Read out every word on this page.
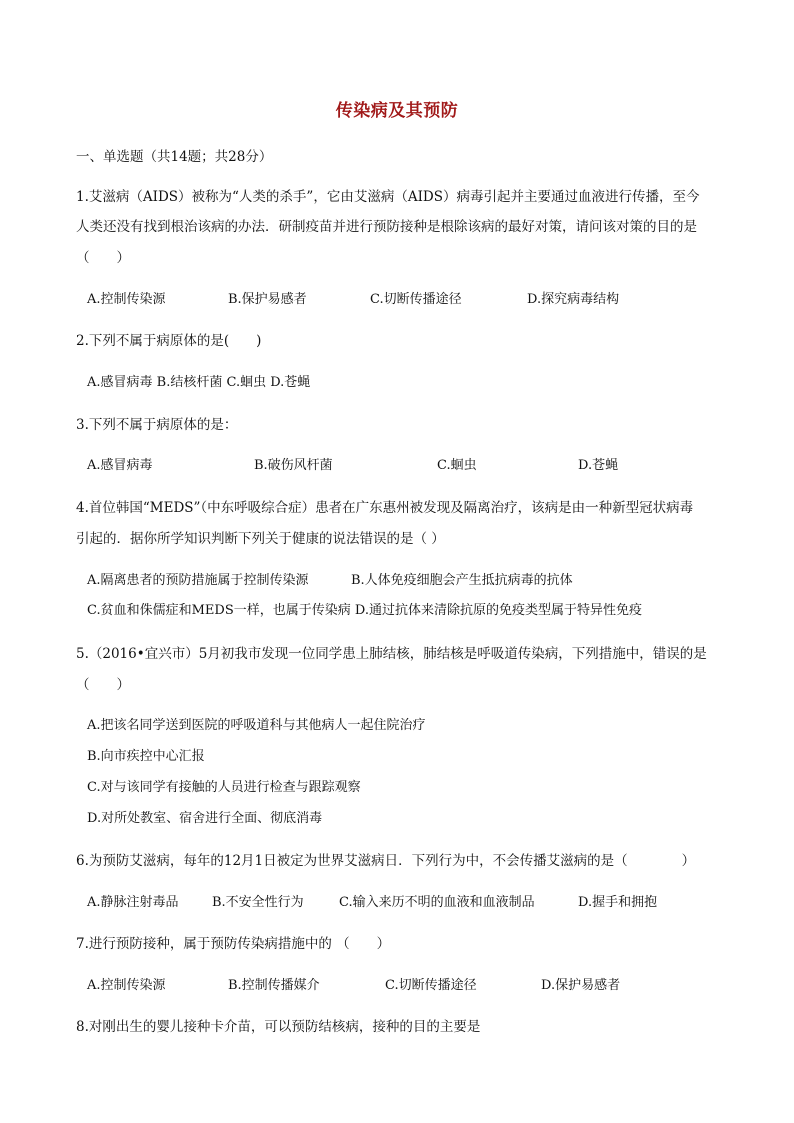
传染病及其预防
一、单选题（共14题；共28分）
1.艾滋病（AIDS）被称为“人类的杀手”，它由艾滋病（AIDS）病毒引起并主要通过血液进行传播，至今
人类还没有找到根治该病的办法．研制疫苗并进行预防接种是根除该病的最好对策，请问该对策的目的是
（　　）
A.控制传染源	B.保护易感者	C.切断传播途径	D.探究病毒结构
2.下列不属于病原体的是(　　)
A.感冒病毒 B.结核杆菌 C.蛔虫 D.苍蝇
3.下列不属于病原体的是：
A.感冒病毒	B.破伤风杆菌	C.蛔虫	D.苍蝇
4.首位韩国“MEDS”（中东呼吸综合症）患者在广东惠州被发现及隔离治疗，该病是由一种新型冠状病毒
引起的．据你所学知识判断下列关于健康的说法错误的是（ ）
A.隔离患者的预防措施属于控制传染源	B.人体免疫细胞会产生抵抗病毒的抗体
C.贫血和侏儒症和MEDS一样，也属于传染病 D.通过抗体来清除抗原的免疫类型属于特异性免疫
5.（2016•宜兴市）5月初我市发现一位同学患上肺结核，肺结核是呼吸道传染病，下列措施中，错误的是
（　　）
A.把该名同学送到医院的呼吸道科与其他病人一起住院治疗
B.向市疾控中心汇报
C.对与该同学有接触的人员进行检查与跟踪观察
D.对所处教室、宿舍进行全面、彻底消毒
6.为预防艾滋病，每年的12月1日被定为世界艾滋病日．下列行为中，不会传播艾滋病的是（　　　　）
A.静脉注射毒品	B.不安全性行为	C.输入来历不明的血液和血液制品	D.握手和拥抱
7.进行预防接种，属于预防传染病措施中的 （　　）
A.控制传染源	B.控制传播媒介	C.切断传播途径	D.保护易感者
8.对刚出生的婴儿接种卡介苗，可以预防结核病，接种的目的主要是
